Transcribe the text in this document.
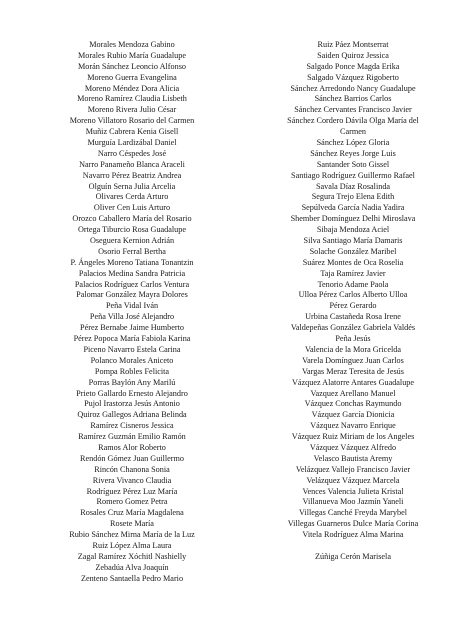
Morales Mendoza Gabino
Morales Rubio María Guadalupe
Morán Sánchez Leoncio Alfonso
Moreno Guerra Evangelina
Moreno Méndez Dora Alicia
Moreno Ramírez Claudia Lisbeth
Moreno Rivera Julio César
Moreno Villatoro Rosario del Carmen
Muñiz Cabrera Kenia Gisell
Murguía Lardizábal Daniel
Narro Céspedes José
Narro Panameño Blanca Araceli
Navarro Pérez Beatriz Andrea
Olguín Serna Julia Arcelia
Olivares Cerda Arturo
Oliver Cen Luis Arturo
Orozco Caballero María del Rosario
Ortega Tiburcio Rosa Guadalupe
Oseguera Kernion Adrián
Osorio Ferral Bertha
P. Ángeles Moreno Tatiana Tonantzin
Palacios Medina Sandra Patricia
Palacios Rodríguez Carlos Ventura
Palomar González Mayra Dolores
Peña Vidal Iván
Peña Villa José Alejandro
Pérez Bernabe Jaime Humberto
Pérez Popoca María Fabiola Karina
Piceno Navarro Estela Carina
Polanco Morales Aniceto
Pompa Robles Felicita
Porras Baylón Any Marilú
Prieto Gallardo Ernesto Alejandro
Pujol Irastorza Jesús Antonio
Quiroz Gallegos Adriana Belinda
Ramírez Cisneros Jessica
Ramírez Guzmán Emilio Ramón
Ramos Alor Roberto
Rendón Gómez Juan Guillermo
Rincón Chanona Sonia
Rivera Vivanco Claudia
Rodríguez Pérez Luz María
Romero Gomez Petra
Rosales Cruz María Magdalena
Rosete María
Rubio Sánchez Mirna María de la Luz
Ruiz López Alma Laura
Zagal Ramírez Xóchitl Nashielly
Zebadúa Alva Joaquín
Zenteno Santaella Pedro Mario
Ruiz Páez Montserrat
Saiden Quiroz Jessica
Salgado Ponce Magda Erika
Salgado Vázquez Rigoberto
Sánchez Arredondo Nancy Guadalupe
Sánchez Barrios Carlos
Sánchez Cervantes Francisco Javier
Sánchez Cordero Dávila Olga María del
Carmen
Sánchez López Gloria
Sánchez Reyes Jorge Luis
Santander Soto Gissel
Santiago Rodríguez Guillermo Rafael
Savala Díaz Rosalinda
Segura Trejo Elena Edith
Sepúlveda García Nadia Yadira
Shember Domínguez Delhi Miroslava
Sibaja Mendoza Aciel
Silva Santiago María Damaris
Solache González Maribel
Suárez Montes de Oca Roselia
Taja Ramírez Javier
Tenorio Adame Paola
Ulloa Pérez Carlos Alberto Ulloa
Pérez Gerardo
Urbina Castañeda Rosa Irene
Valdepeñas González Gabriela Valdés
Peña Jesús
Valencia de la Mora Gricelda
Varela Domínguez Juan Carlos
Vargas Meraz Teresita de Jesús
Vázquez Alatorre Antares Guadalupe
Vazquez Arellano Manuel
Vázquez Conchas Raymundo
Vázquez García Dionicia
Vázquez Navarro Enrique
Vázquez Ruiz Miriam de los Angeles
Vázquez Vázquez Alfredo
Velasco Bautista Aremy
Velázquez Vallejo Francisco Javier
Velázquez Vázquez Marcela
Vences Valencia Julieta Kristal
Villanueva Moo Jazmín Yaneli
Villegas Canché Freyda Marybel
Villegas Guarneros Dulce María Corina
Vitela Rodríguez Alma Marina
Zúñiga Cerón Marisela
